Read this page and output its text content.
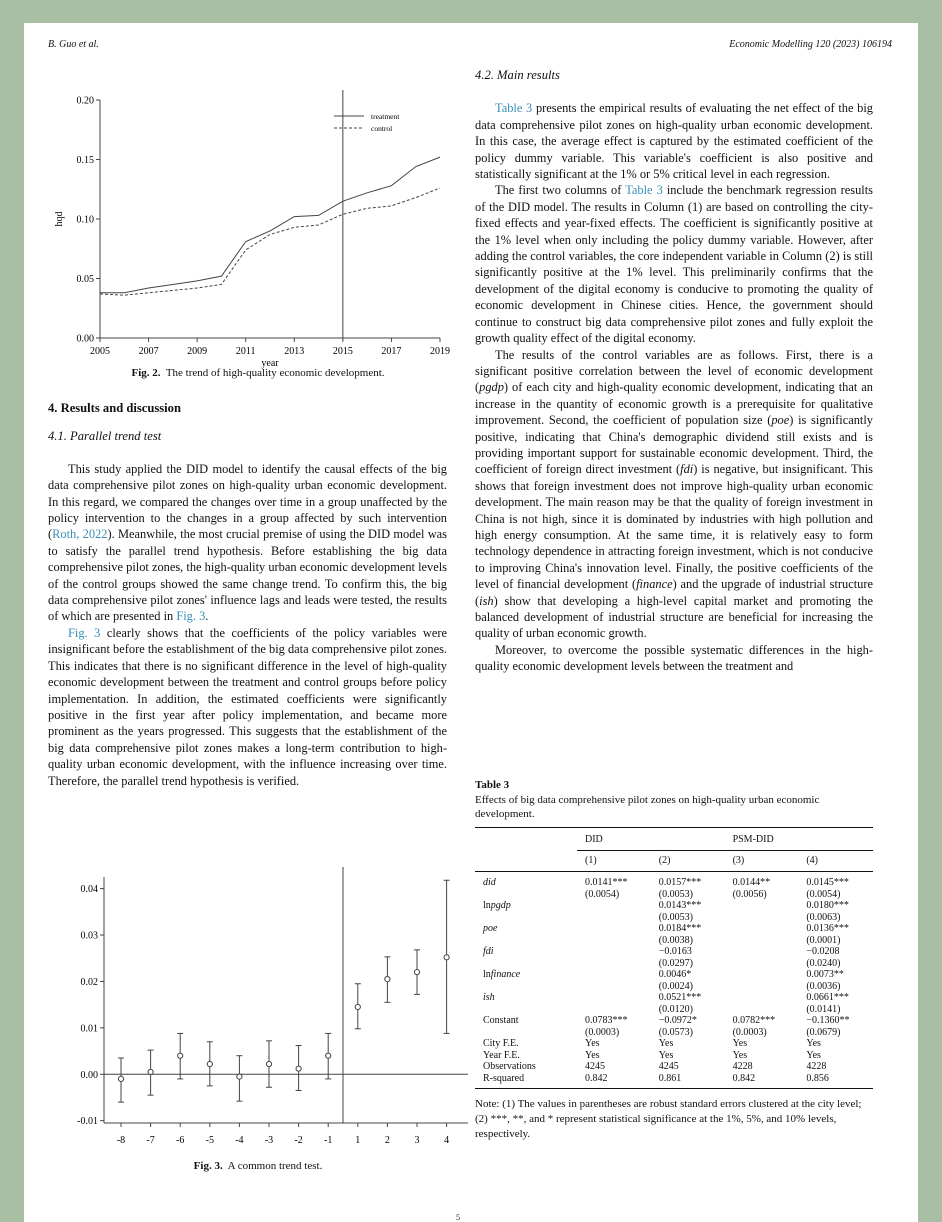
B. Guo et al.	Economic Modelling 120 (2023) 106194
0.00
0.05
0.10
0.15
0.20
2005	2007	2009	2011	2013	2015	2017	2019
year
hqd
treatment
control
Fig. 2. The trend of high-quality economic development.
4. Results and discussion
4.1. Parallel trend test

This study applied the DID model to identify the causal effects of the big data comprehensive pilot zones on high-quality urban economic development. In this regard, we compared the changes over time in a group unaffected by the policy intervention to the changes in a group affected by such intervention (Roth, 2022). Meanwhile, the most crucial premise of using the DID model was to satisfy the parallel trend hypothesis. Before establishing the big data comprehensive pilot zones, the high-quality urban economic development levels of the control groups showed the same change trend. To confirm this, the big data comprehensive pilot zones' influence lags and leads were tested, the results of which are presented in Fig. 3.

Fig. 3 clearly shows that the coefficients of the policy variables were insignificant before the establishment of the big data comprehensive pilot zones. This indicates that there is no significant difference in the level of high-quality economic development between the treatment and control groups before policy implementation. In addition, the estimated coefficients were significantly positive in the first year after policy implementation, and became more prominent as the years progressed. This suggests that the establishment of the big data comprehensive pilot zones makes a long-term contribution to high-quality urban economic development, with the influence increasing over time. Therefore, the parallel trend hypothesis is verified.

-0.01
0.00
0.01
0.02
0.03
0.04
-8 -7 -6 -5 -4 -3 -2 -1 1 2 3 4
Fig. 3. A common trend test.
4.2. Main results

Table 3 presents the empirical results of evaluating the net effect of the big data comprehensive pilot zones on high-quality urban economic development. In this case, the average effect is captured by the estimated coefficient of the policy dummy variable. This variable's coefficient is also positive and statistically significant at the 1% or 5% critical level in each regression.

The first two columns of Table 3 include the benchmark regression results of the DID model. The results in Column (1) are based on controlling the city-fixed effects and year-fixed effects. The coefficient is significantly positive at the 1% level when only including the policy dummy variable. However, after adding the control variables, the core independent variable in Column (2) is still significantly positive at the 1% level. This preliminarily confirms that the development of the digital economy is conducive to promoting the quality of economic development in Chinese cities. Hence, the government should continue to construct big data comprehensive pilot zones and fully exploit the growth quality effect of the digital economy.

The results of the control variables are as follows. First, there is a significant positive correlation between the level of economic development (pgdp) of each city and high-quality economic development, indicating that an increase in the quantity of economic growth is a prerequisite for qualitative improvement. Second, the coefficient of population size (poe) is significantly positive, indicating that China's demographic dividend still exists and is providing important support for sustainable economic development. Third, the coefficient of foreign direct investment (fdi) is negative, but insignificant. This shows that foreign investment does not improve high-quality urban economic development. The main reason may be that the quality of foreign investment in China is not high, since it is dominated by industries with high pollution and high energy consumption. At the same time, it is relatively easy to form technology dependence in attracting foreign investment, which is not conducive to improving China's innovation level. Finally, the positive coefficients of the level of financial development (finance) and the upgrade of industrial structure (ish) show that developing a high-level capital market and promoting the balanced development of industrial structure are beneficial for increasing the quality of urban economic growth.

Moreover, to overcome the possible systematic differences in the high-quality economic development levels between the treatment and

Table 3
Effects of big data comprehensive pilot zones on high-quality urban economic development.
	DID		PSM-DID	
	(1)	(2)	(3)	(4)
did	0.0141***	0.0157***	0.0144**	0.0145***
	(0.0054)	(0.0053)	(0.0056)	(0.0054)
lnpgdp		0.0143***		0.0180***
		(0.0053)		(0.0063)
poe		0.0184***		0.0136***
		(0.0038)		(0.0001)
fdi		−0.0163		−0.0208
		(0.0297)		(0.0240)
lnfinance		0.0046*		0.0073**
		(0.0024)		(0.0036)
ish		0.0521***		0.0661***
		(0.0120)		(0.0141)
Constant	0.0783***	−0.0972*	0.0782***	−0.1360**
	(0.0003)	(0.0573)	(0.0003)	(0.0679)
City F.E.	Yes	Yes	Yes	Yes
Year F.E.	Yes	Yes	Yes	Yes
Observations	4245	4245	4228	4228
R-squared	0.842	0.861	0.842	0.856
Note: (1) The values in parentheses are robust standard errors clustered at the city level; (2) ***, **, and * represent statistical significance at the 1%, 5%, and 10% levels, respectively.
5
